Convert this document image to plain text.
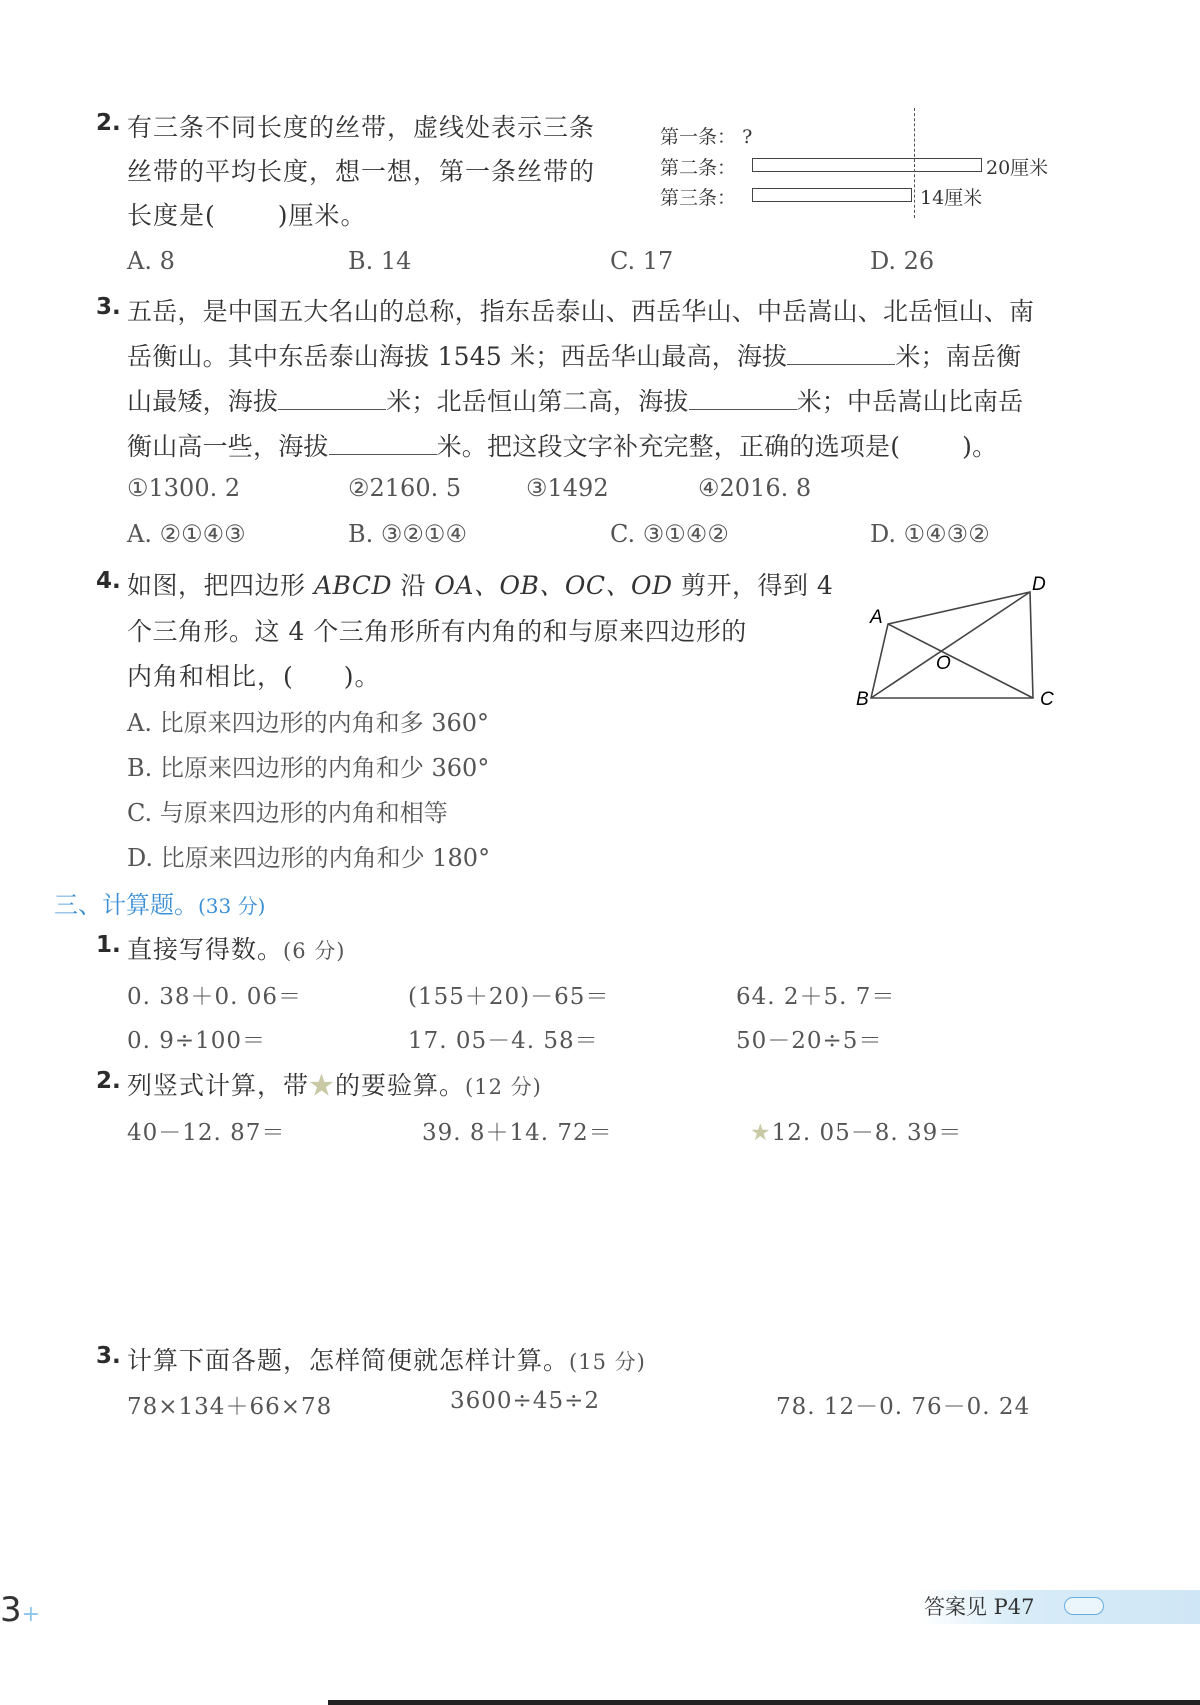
2. 有三条不同长度的丝带，虚线处表示三条
丝带的平均长度，想一想，第一条丝带的
长度是( )厘米。
第一条： ?
第二条：
第三条：
20厘米
14厘米
A. 8	B. 14	C. 17	D. 26
3. 五岳，是中国五大名山的总称，指东岳泰山、西岳华山、中岳嵩山、北岳恒山、南
岳衡山。其中东岳泰山海拔 1545 米；西岳华山最高，海拔	米；南岳衡
山最矮，海拔	米；北岳恒山第二高，海拔	米；中岳嵩山比南岳
衡山高一些，海拔	米。把这段文字补充完整，正确的选项是( )。
①1300. 2	②2160. 5	③1492	④2016. 8
A. ②①④③	B. ③②①④	C. ③①④②	D. ①④③②
4. 如图，把四边形 ABCD 沿 OA、OB、OC、OD 剪开，得到 4
个三角形。这 4 个三角形所有内角的和与原来四边形的
内角和相比，( )。
A
D
B	C
O
A. 比原来四边形的内角和多 360°
B. 比原来四边形的内角和少 360°
C. 与原来四边形的内角和相等
D. 比原来四边形的内角和少 180°
三、计算题。(33 分)
1. 直接写得数。(6 分)
0. 38＋0. 06＝	(155＋20)－65＝	64. 2＋5. 7＝
0. 9÷100＝	17. 05－4. 58＝	50－20÷5＝
2. 列竖式计算，带★的要验算。(12 分)
40－12. 87＝	39. 8＋14. 72＝	★12. 05－8. 39＝
3. 计算下面各题，怎样简便就怎样计算。(15 分)
78×134＋66×78	3600÷45÷2	78. 12－0. 76－0. 24
3+	答案见 P47
